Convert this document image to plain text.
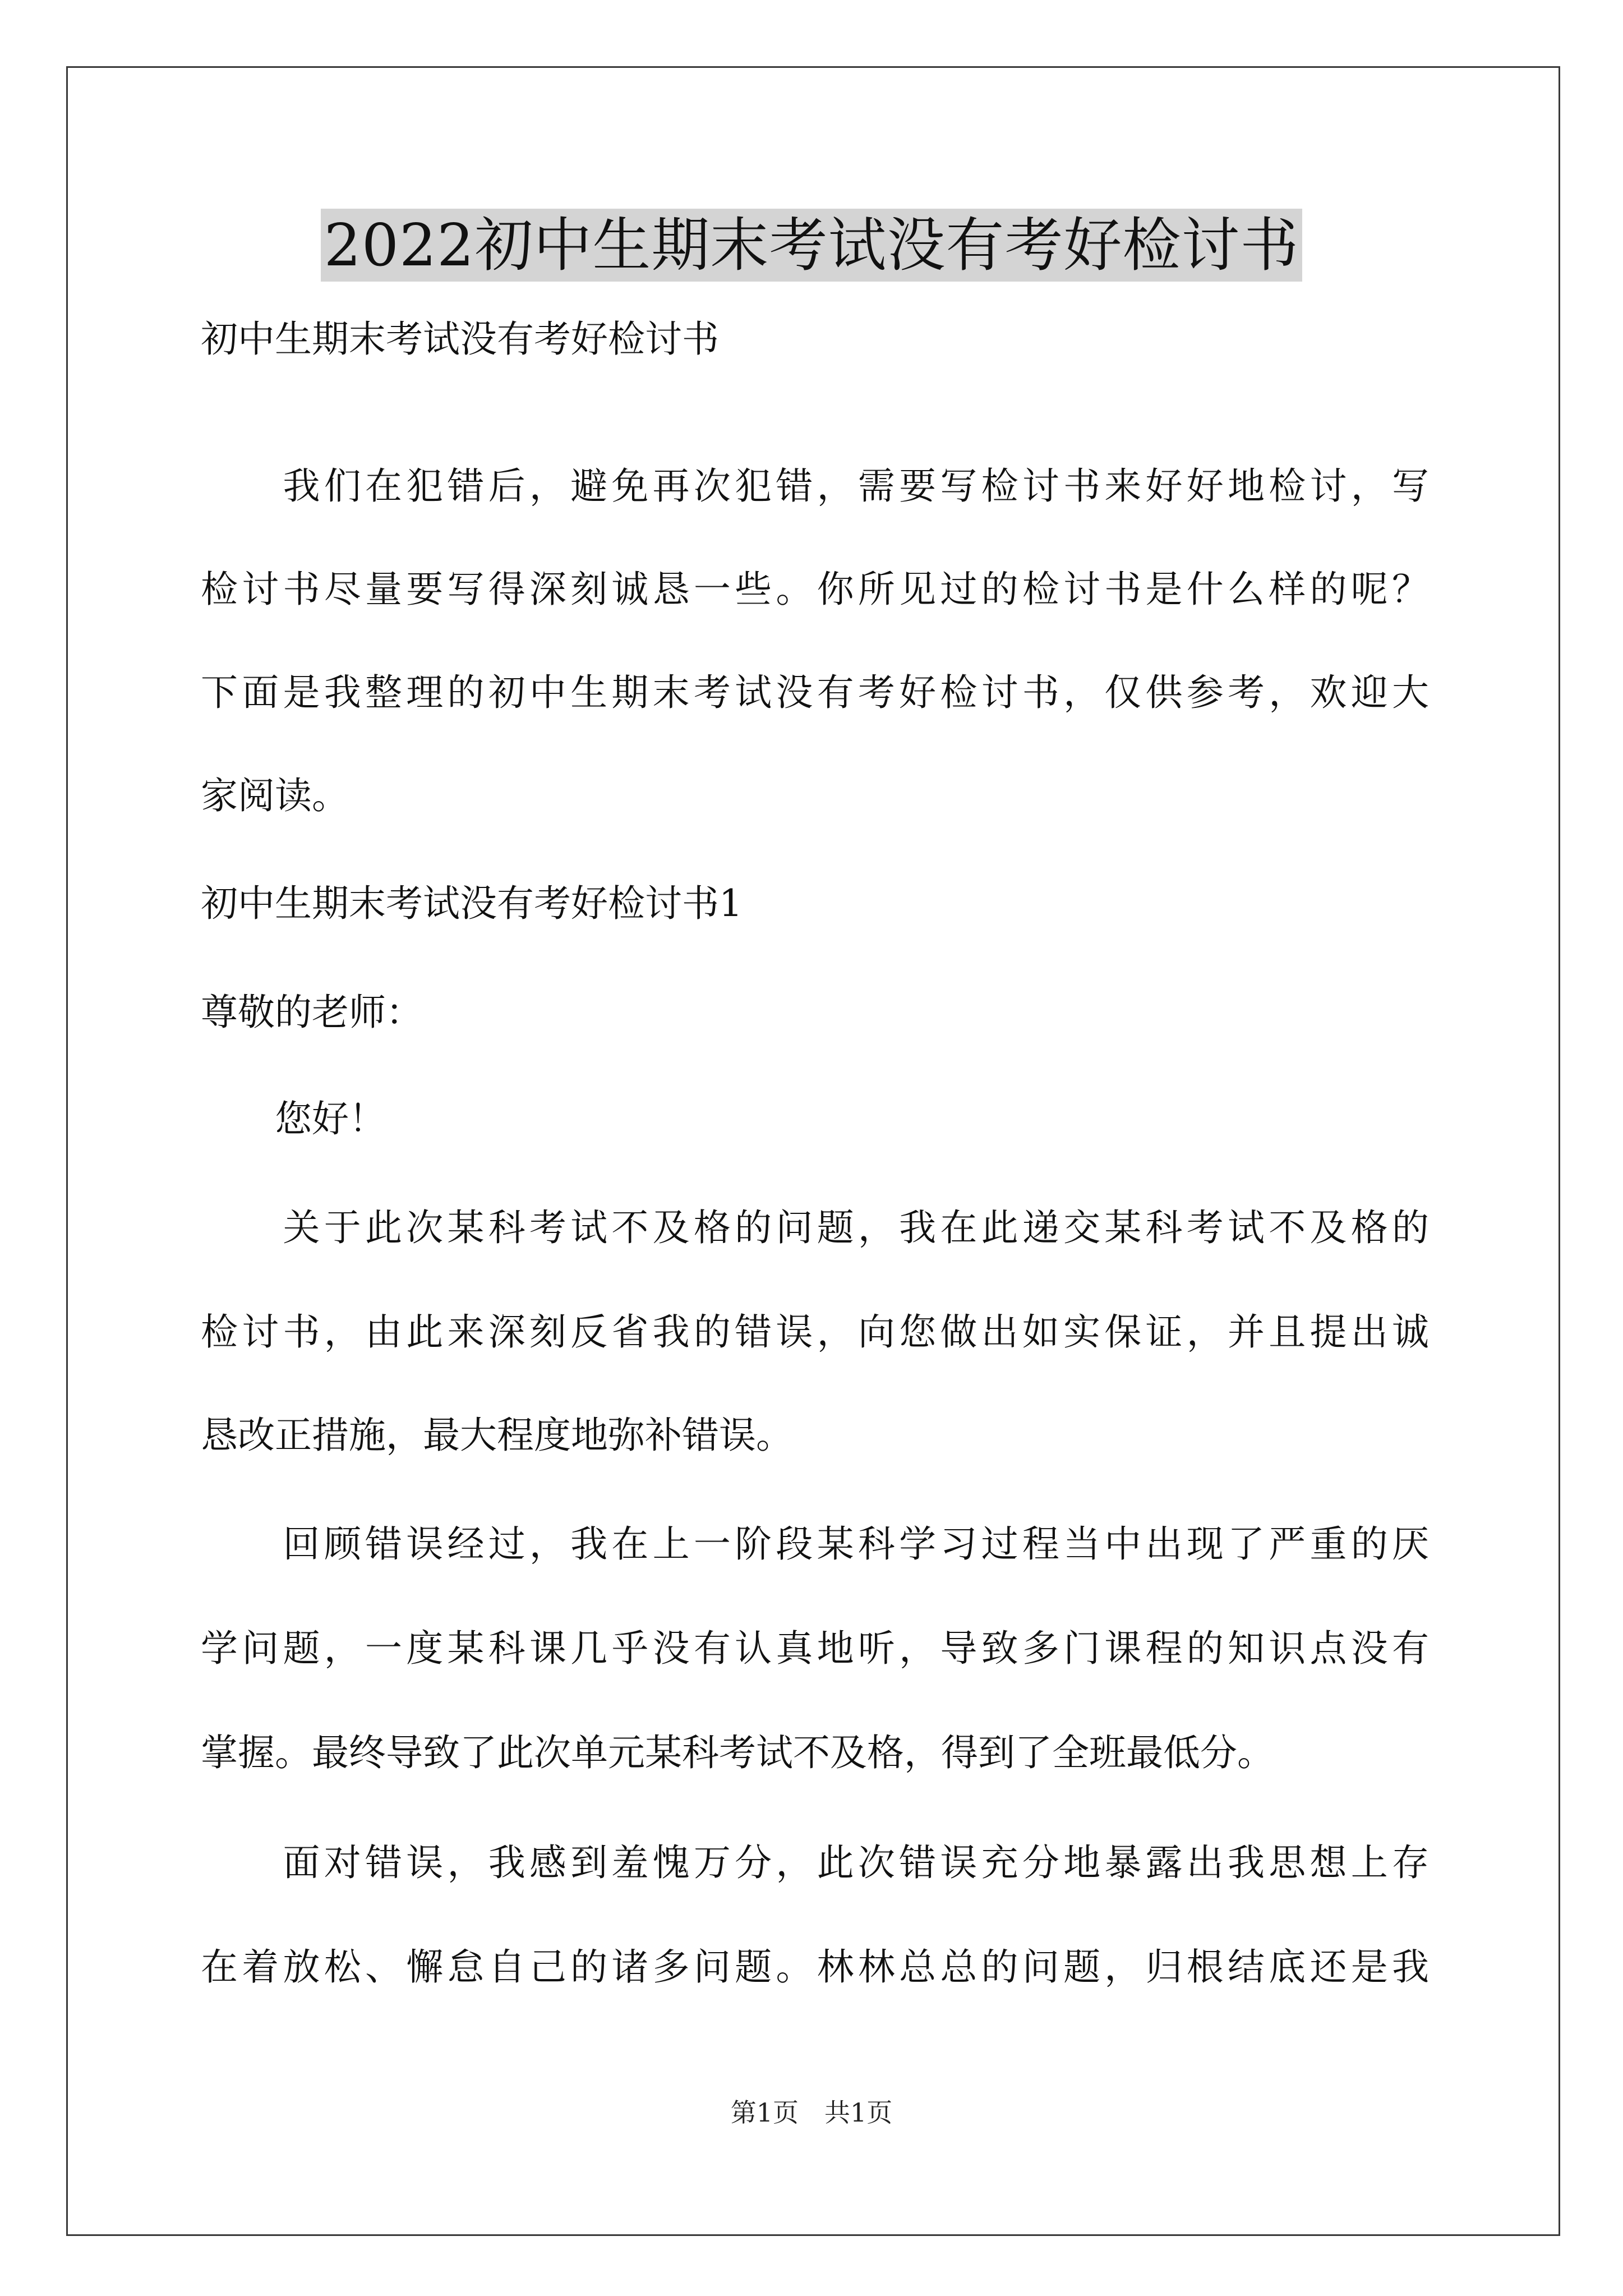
2022初中生期末考试没有考好检讨书
初中生期末考试没有考好检讨书
　　我们在犯错后，避免再次犯错，需要写检讨书来好好地检讨，写
检讨书尽量要写得深刻诚恳一些。你所见过的检讨书是什么样的呢？
下面是我整理的初中生期末考试没有考好检讨书，仅供参考，欢迎大
家阅读。
初中生期末考试没有考好检讨书1
尊敬的老师：
　　您好！
　　关于此次某科考试不及格的问题，我在此递交某科考试不及格的
检讨书，由此来深刻反省我的错误，向您做出如实保证，并且提出诚
恳改正措施，最大程度地弥补错误。
　　回顾错误经过，我在上一阶段某科学习过程当中出现了严重的厌
学问题，一度某科课几乎没有认真地听，导致多门课程的知识点没有
掌握。最终导致了此次单元某科考试不及格，得到了全班最低分。
　　面对错误，我感到羞愧万分，此次错误充分地暴露出我思想上存
在着放松、懈怠自己的诸多问题。林林总总的问题，归根结底还是我
第1页　共1页
